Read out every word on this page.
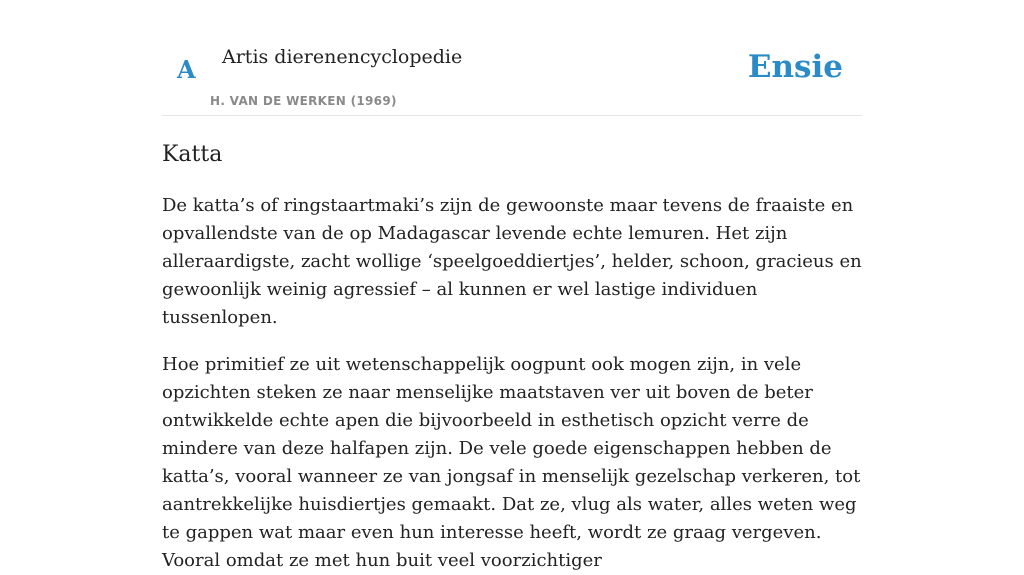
A Artis dierenencyclopedie
H. VAN DE WERKEN (1969)
Ensie
Katta

De katta’s of ringstaartmaki’s zijn de gewoonste maar tevens de fraaiste en opvallendste van de op Madagascar levende echte lemuren. Het zijn alleraardigste, zacht wollige ‘speelgoeddiertjes’, helder, schoon, gracieus en gewoonlijk weinig agressief – al kunnen er wel lastige individuen tussenlopen.

Hoe primitief ze uit wetenschappelijk oogpunt ook mogen zijn, in vele opzichten steken ze naar menselijke maatstaven ver uit boven de beter ontwikkelde echte apen die bijvoorbeeld in esthetisch opzicht verre de mindere van deze halfapen zijn. De vele goede eigenschappen hebben de katta’s, vooral wanneer ze van jongsaf in menselijk gezelschap verkeren, tot aantrekkelijke huisdiertjes gemaakt. Dat ze, vlug als water, alles weten weg te gappen wat maar even hun interesse heeft, wordt ze graag vergeven. Vooral omdat ze met hun buit veel voorzichtiger
